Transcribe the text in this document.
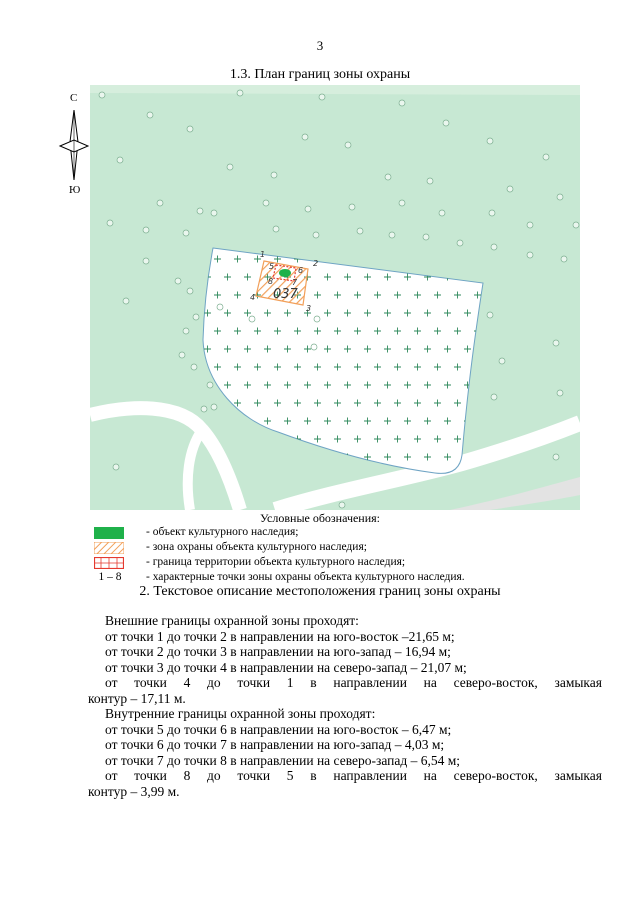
3
1.3. План границ зоны охраны
С
Ю
1
2
3
4
5	6
7
8
037
Условные обозначения:
- объект культурного наследия;
- зона охраны объекта культурного наследия;
- граница территории объекта культурного наследия;
1 – 8	- характерные точки зоны охраны объекта культурного наследия.
2. Текстовое описание местоположения границ зоны охраны

Внешние границы охранной зоны проходят:

от точки 1 до точки 2 в направлении на юго-восток –21,65 м;

от точки 2 до точки 3 в направлении на юго-запад – 16,94 м;

от точки 3 до точки 4 в направлении на северо-запад – 21,07 м;

от точки 4 до точки 1 в направлении на северо-восток, замыкая

контур – 17,11 м.

Внутренние границы охранной зоны проходят:

от точки 5 до точки 6 в направлении на юго-восток – 6,47 м;

от точки 6 до точки 7 в направлении на юго-запад – 4,03 м;

от точки 7 до точки 8 в направлении на северо-запад – 6,54 м;

от точки 8 до точки 5 в направлении на северо-восток, замыкая

контур – 3,99 м.
